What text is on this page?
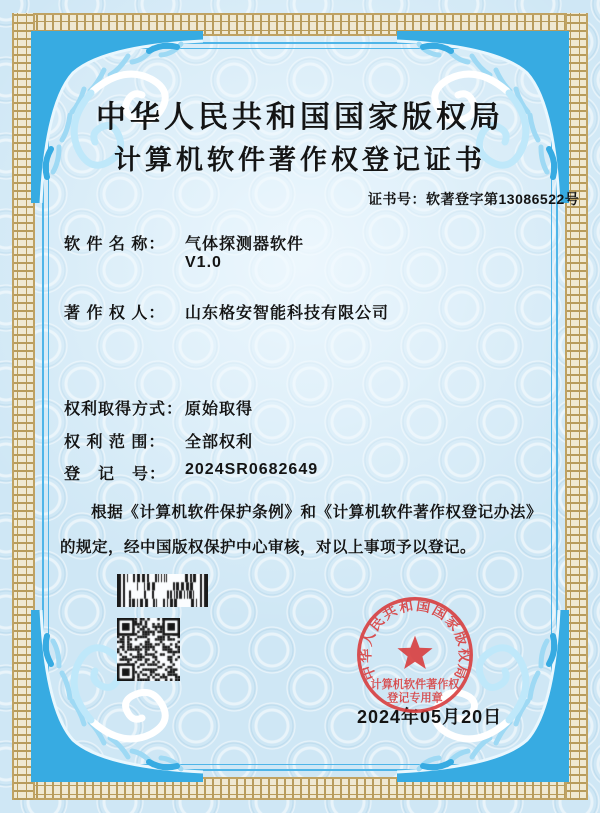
中华人民共和国国家版权局
计算机软件著作权登记证书
证书号：软著登字第13086522号
软 件 名 称： 气体探测器软件
V1.0
著 作 权 人： 山东格安智能科技有限公司
权利取得方式： 原始取得
权 利 范 围： 全部权利
登　记　号： 2024SR0682649
根据《计算机软件保护条例》和《计算机软件著作权登记办法》的规定，经中国版权保护中心审核，对以上事项予以登记。
2024年05月20日
中华人民共和国国家版权局
计算机软件著作权
登记专用章
